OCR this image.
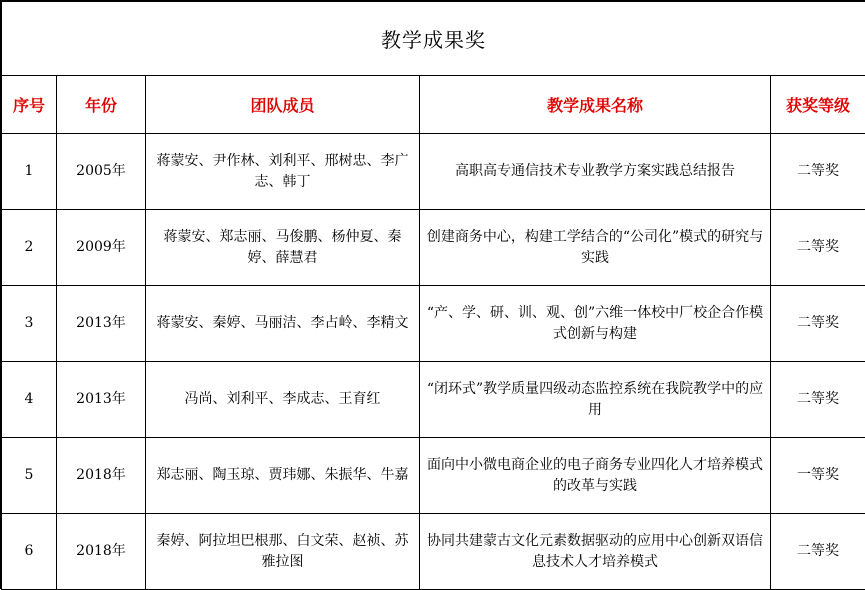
教学成果奖				
序号	年份	团队成员	教学成果名称	获奖等级
1	2005年	蒋蒙安、尹作林、刘利平、邢树忠、李广志、韩丁	高职高专通信技术专业教学方案实践总结报告	二等奖
2	2009年	蒋蒙安、郑志丽、马俊鹏、杨仲夏、秦婷、薛慧君	创建商务中心，构建工学结合的“公司化”模式的研究与实践	二等奖
3	2013年	蒋蒙安、秦婷、马丽洁、李占岭、李精文	“产、学、研、训、观、创”六维一体校中厂校企合作模式创新与构建	二等奖
4	2013年	冯尚、刘利平、李成志、王育红	“闭环式”教学质量四级动态监控系统在我院教学中的应用	二等奖
5	2018年	郑志丽、陶玉琼、贾玮娜、朱振华、牛嘉	面向中小微电商企业的电子商务专业四化人才培养模式的改革与实践	一等奖
6	2018年	秦婷、阿拉坦巴根那、白文荣、赵祯、苏雅拉图	协同共建蒙古文化元素数据驱动的应用中心创新双语信息技术人才培养模式	二等奖
